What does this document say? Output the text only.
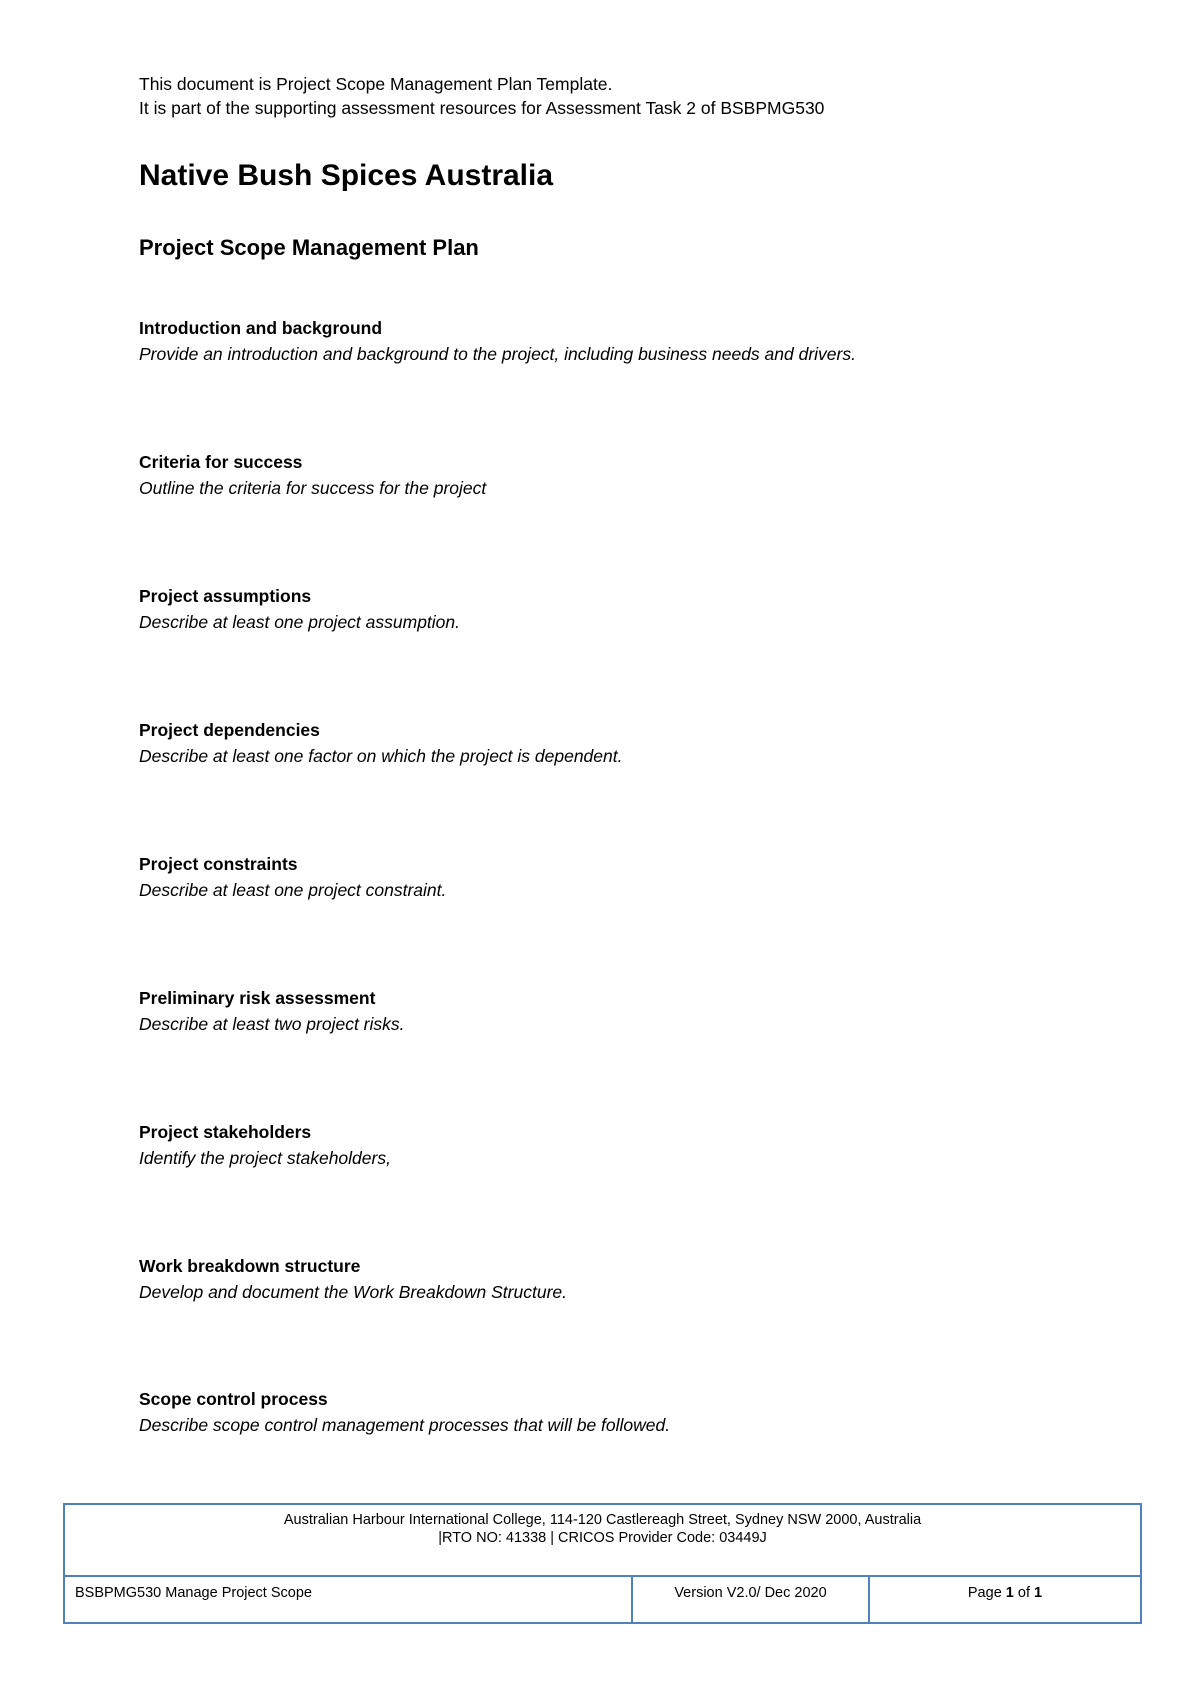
This document is Project Scope Management Plan Template.
It is part of the supporting assessment resources for Assessment Task 2 of BSBPMG530
Native Bush Spices Australia
Project Scope Management Plan

Introduction and background

Provide an introduction and background to the project, including business needs and drivers.

Criteria for success

Outline the criteria for success for the project

Project assumptions

Describe at least one project assumption.

Project dependencies

Describe at least one factor on which the project is dependent.

Project constraints

Describe at least one project constraint.

Preliminary risk assessment

Describe at least two project risks.

Project stakeholders

Identify the project stakeholders,

Work breakdown structure

Develop and document the Work Breakdown Structure.

Scope control process

Describe scope control management processes that will be followed.

Australian Harbour International College, 114-120 Castlereagh Street, Sydney NSW 2000, Australia
|RTO NO: 41338 | CRICOS Provider Code: 03449J

BSBPMG530 Manage Project Scope	Version V2.0/ Dec 2020	Page 1 of 1
